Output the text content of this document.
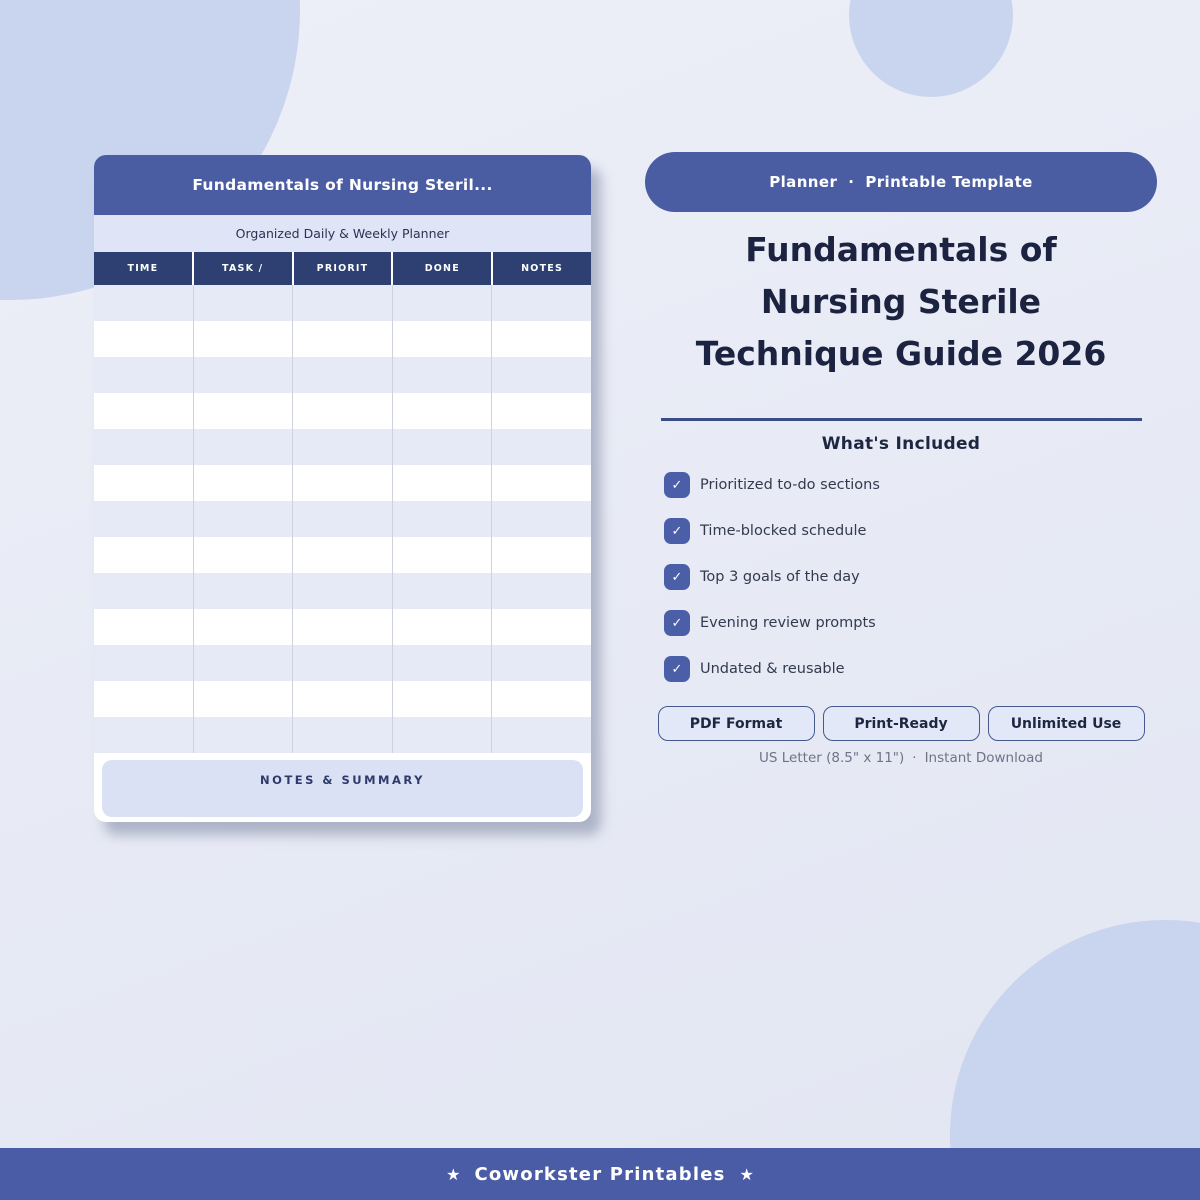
Fundamentals of Nursing Steril...
Organized Daily & Weekly Planner
TIME	TASK /	PRIORIT	DONE	NOTES
NOTES & SUMMARY
Planner · Printable Template
Fundamentals of
Nursing Sterile
Technique Guide 2026
What's Included
✓	Prioritized to-do sections
✓	Time-blocked schedule
✓	Top 3 goals of the day
✓	Evening review prompts
✓	Undated & reusable
PDF Format	Print-Ready	Unlimited Use
US Letter (8.5" x 11") · Instant Download
★ Coworkster Printables ★
